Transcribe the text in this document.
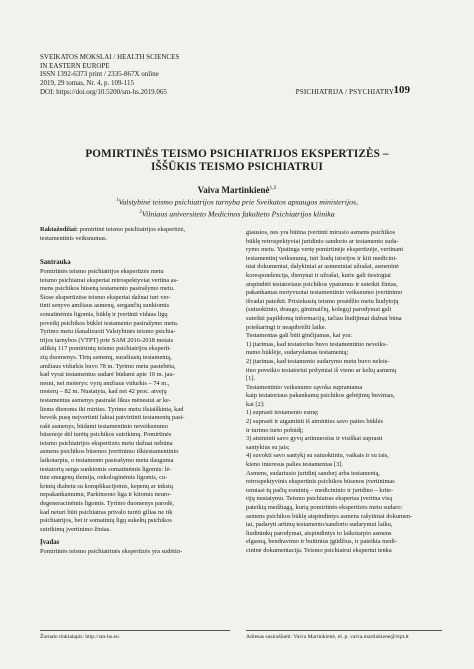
SVEIKATOS MOKSLAI / HEALTH SCIENCES
IN EASTERN EUROPE
ISSN 1392-6373 print / 2335-867X online
2019, 29 tomas, Nr. 4, p. 109-115
DOI: https://doi.org/10.5200/sm-hs.2019.065	PSICHIATRIJA / PSYCHIATRY 109
POMIRTINĖS TEISMO PSICHIATRIJOS EKSPERTIZĖS –
IŠŠŪKIS TEISMO PSICHIATRUI
Vaiva Martinkienė$^{1,2}$
$^1$Valstybinė teismo psichiatrijos tarnyba prie Sveikatos apsaugos ministerijos,
$^2$Vilniaus universiteto Medicinos fakulteto Psichiatrijos klinika
Raktažodžiai: pomirtinė teismo psichiatrijos ekspertizė,
testamentinis veiksnumas.
Santrauka
Pomirtinės teismo psichiatrijos ekspertizės metu
teismo psichiatrai ekspertai retrospektyviai vertina as-
mens psichikos būseną testamento pasirašymo metu.
Šiose ekspertizėse teismo ekspertai dažnai turi ver-
tinti senyvo amžiaus asmenų, sergančių sunkiomis
somatinėmis ligomis, būklę ir įvertinti vidaus ligų
poveikį psichikos būklei testamento pasirašymo metu.
Tyrimo metu išanalizuoti Valstybinės teismo psichia-
trijos tarnybos (VTPT) prie SAM 2016-2018 metais
atliktų 117 pomirtinių teismo psichiatrijos ekspertī-
zių duomenys. Tirtų asmenų, surašiusių testamentą,
amžiaus vidurkis buvo 78 m. Tyrimo metu pastebėta,
kad vyrai testamentus sudarė būdami apie 10 m. jau-
nesni, nei moterys: vyrų amžiaus vidurkis – 74 m.,
moterų – 82 m. Nustatyta, kad net 42 proc. atvejų
testamentus asmenys pasirašė likus mėnesiui ar ke-
liems dienoms iki mirties. Tyrimo metu išsiaiškinta, kad
beveik pusę neįvertinti faktai patvirtinti testamentų pasi-
rašė asmenys, būdami testamentinio neveiksnumo
būsenoje dėl turėtų psichikos sutrikimų. Pomirtinės
teismo psichiatrijos ekspertizės metu dažnai nebūna
asmens psichikos būsenos įvertinimo iškiestamentinio
laikotarpiu, o testamento pasirašymo metu dauguma
testatorių serga sunkiomis somatinėmis ligomis: lė-
tine smegenų išemija, onkologinėmis ligomis, cu-
krinių diabetu su komplikacijomis, kepenų ar inkstų
nepakankamumu, Parkinsono liga ir kitomis neuro-
degeneracinėmis ligomis. Tyrimo duomenys parodė,
kad neturi būti psichiatras privalo turėti gilias ne tik
psichiatrijos, bet ir somatinių ligų sukeltų psichikos
sutrikimų įvertinimo žinias.
Įvadas
Pomirtinės teismo psichiatrinės ekspertizės yra sudėtin-
giausios, nes yra būtina įvertinti mirusio asmens psichikos
būklę retrospektyviai juridinio sandorio ar testamento suda-
rymo metu. Ypatinga vertę pomirtinėje ekspertizėje, vertinant
testamentinį veiksnumą, turi liudų istorijos ir kiti medicini-
niai dokumentai, dalykiniai ar asmeniniai užrašai, asmeninė
korespondencija, dienynai ir užrašai, kurie gali tiesiogiai
atspindėti testatoriaus psichikos ypatumus ir suteikti žinias,
pakankamas motyvuotai testamentinio veiksnumo įvertinimo
išvadai pateikti. Prisiekusių teismo posėdžio metu liudytojų
(sutuoktinio, draugo, giminaičių, kolegų) parodymai gali
suteikti papildomą informaciją, tačiau liudijimai dažnai būna
prieštaringi ir neapibrėžti laike.
Testamentas gali būti ginčijamas, kai yra:
1) įtarimas, kad testatorius buvo testamentinio neveiks-
numo būklėje, sudarydamas testamentą;
2) įtarimas, kad testamento sudarymo metu buvo neleis-
tino poveikio testatoriui požymiai iš vieno ar kelių asmenų
[1].
Testamentinio veiksnumo sąvoka suprantama
kaip testatoriaus pakankamų psichikos gebėjimų buvimas,
kai [2]:
1) suprasti testamento esmę;
2) suprasti ir atgaminti iš atminties savo paties būklės
ir turimo turto pobūdį;
3) atsiminti savo gyvų artimuosius ir visiškai suprasti
santykius su jais;
4) suvokti savo santykį su sutuoktiniu, vaikais ir su tais,
kieno interesus palies testamentas [3].
Asmens, sudariusio juridinį sandorį arba testamentą,
retrospektyvinis ekspertinis psichikos būsenos įvertinimas
remiasi tų pačių esminių – medicininio ir juridino – krite-
rijų nustatymu. Teismo psichiatras ekspertas įvertina visą
pateiktą medžiagą, kurią pomirtinės ekspertizės metu sudaro:
asmens psichikos būklę atspindintys asmens rašytiniai dokumen-
tai, padaryti artimų testamento/sandorio sudarymui laiku,
liudininkų parodymai, atspindintys to laikotarpio asmens
elgseną, bendravimo ir buitinius įgūdžius, ir pateikta medi-
cininė dokumentacija. Teismo psichiatrui ekspertui tenka
Žurnalo tinklalapis: http://sm-hs.eu	Adresas susirašinėti: Vaiva Martinkienė, el. p. vaiva.martinkiene@vtpt.lt
